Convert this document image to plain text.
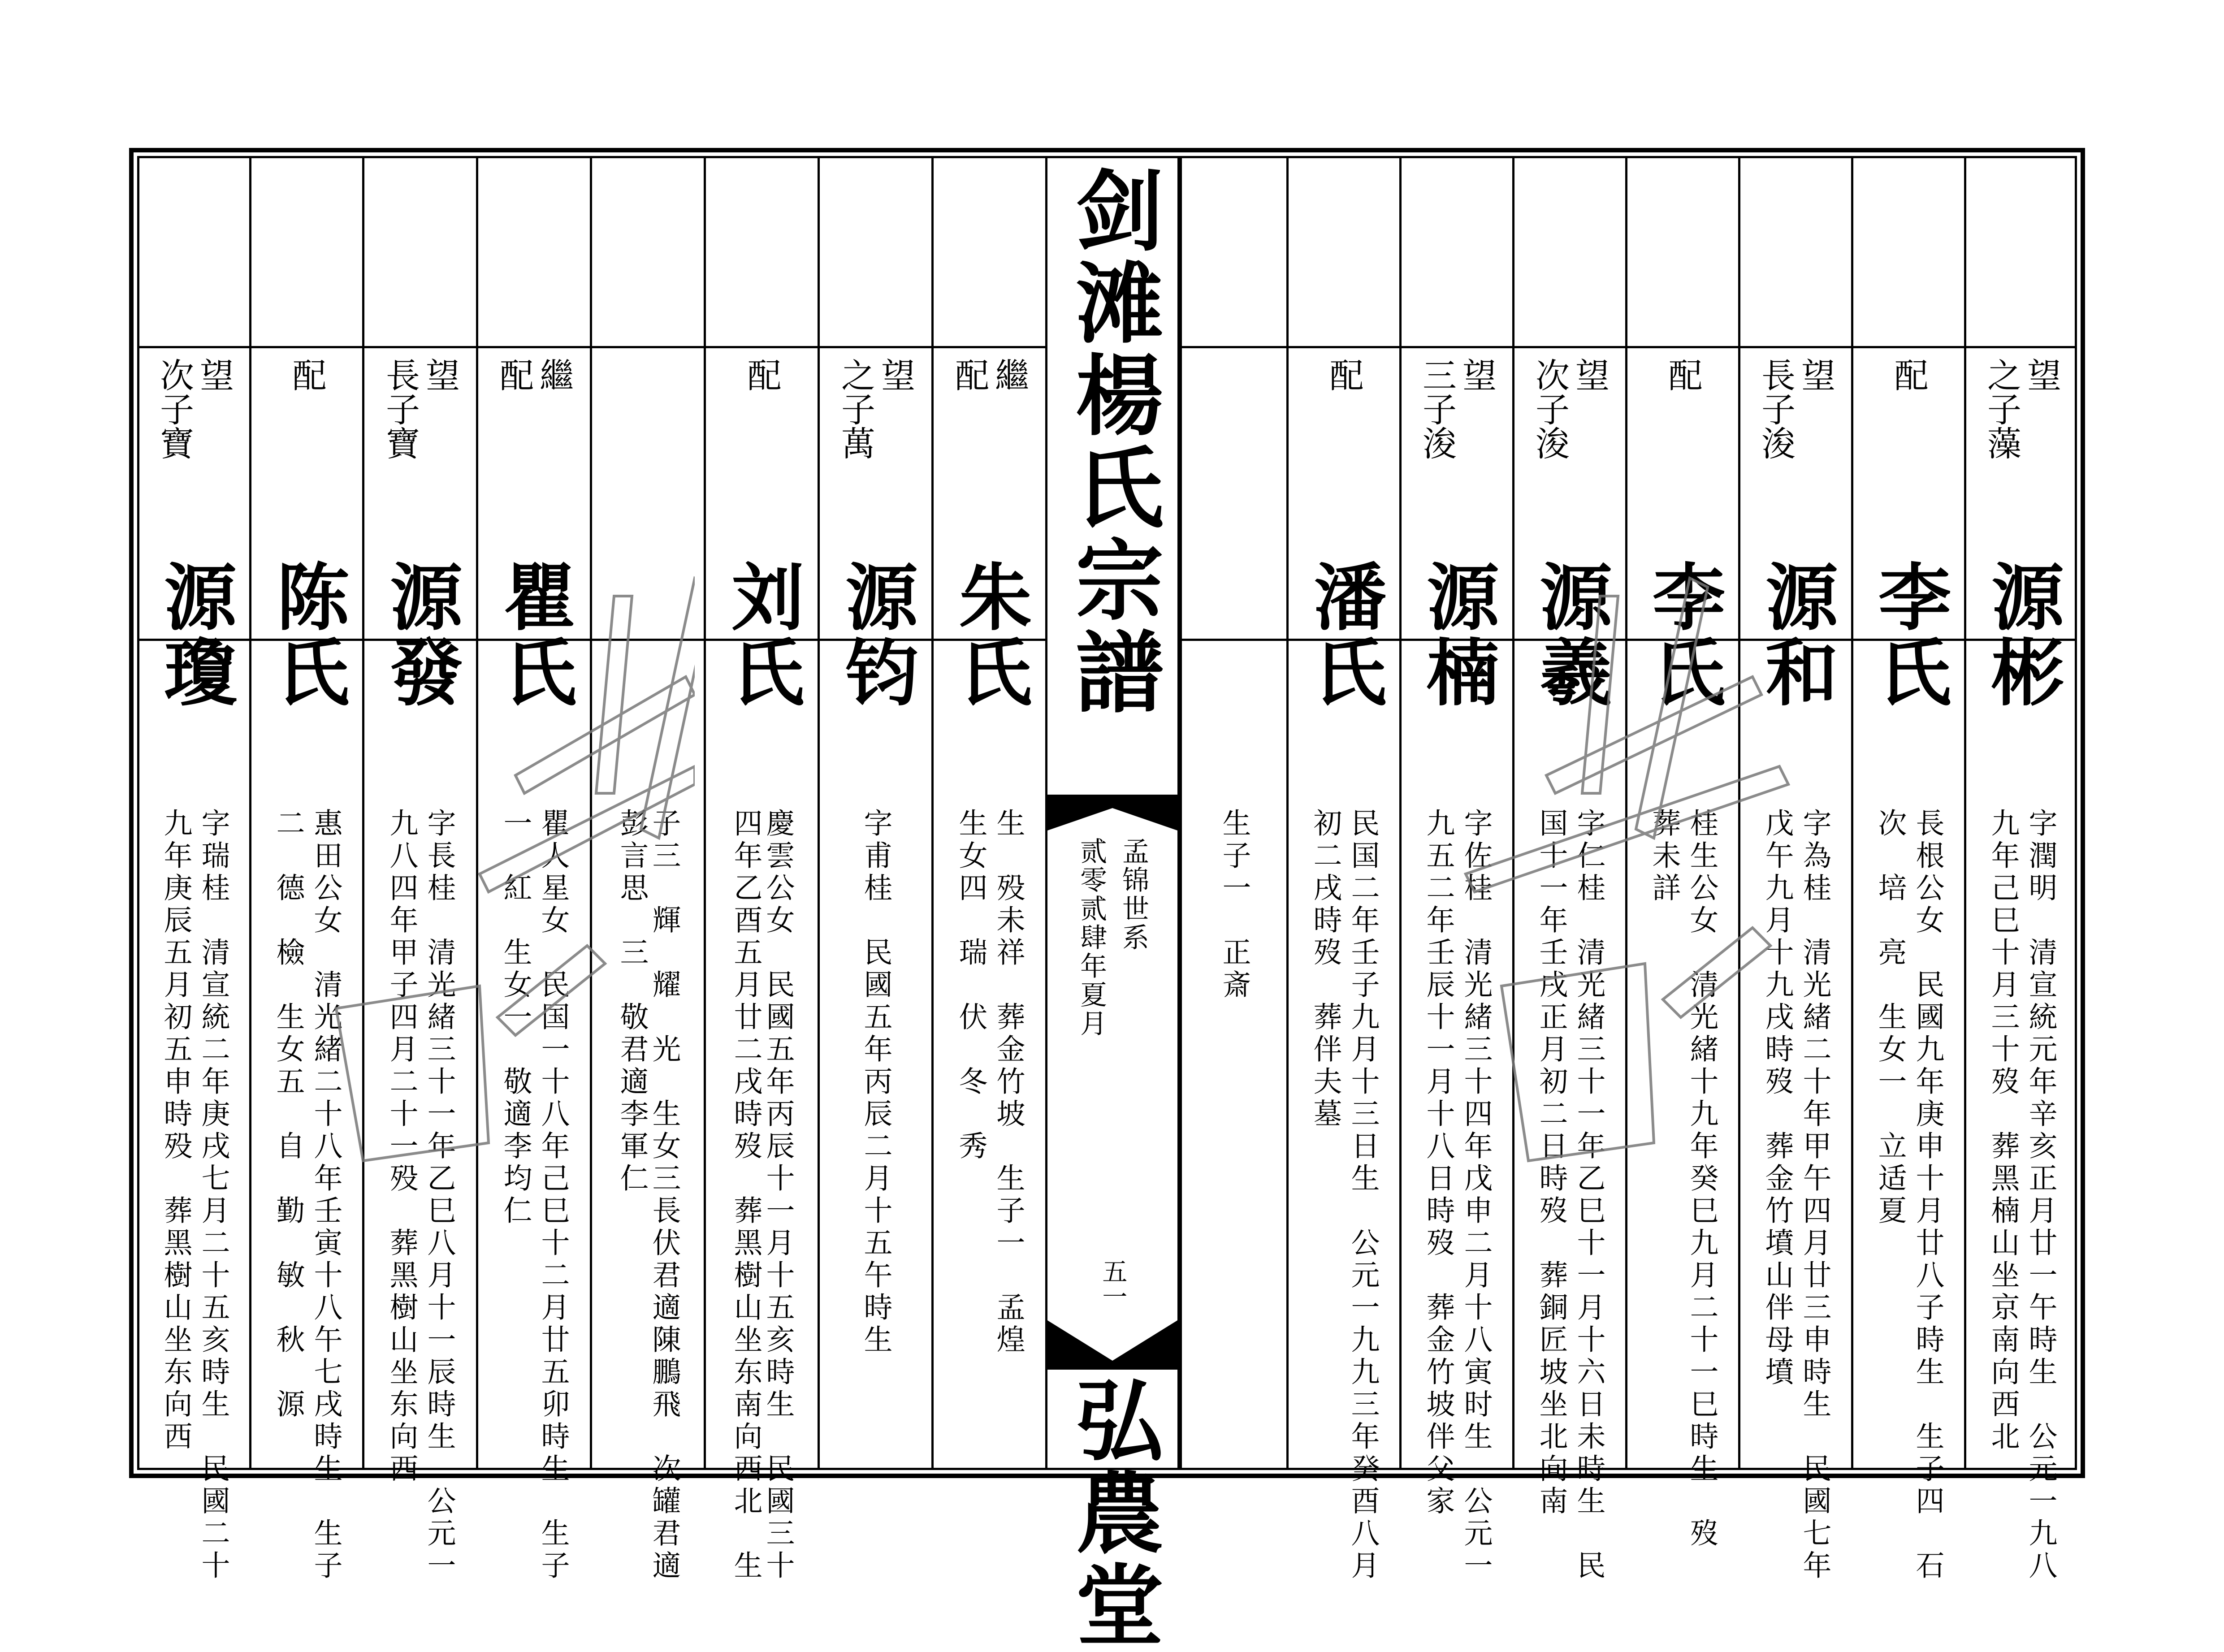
望
之子藻
源彬
字潤明　清宣統元年辛亥正月廿一午時生　公元一九八
九年己巳十月三十歿　葬黑楠山坐京南向西北
配
李氏
長根公女　民國九年庚申十月廿八子時生　生子四　石
次　培　亮　生女一　立适夏
望
長子浚
源和
字為桂　清光緒二十年甲午四月廿三申時生　民國七年
戊午九月十九戌時歿　葬金竹墳山伴母墳
配
李氏
桂生公女　清光緒十九年癸巳九月二十一巳時生　歿
葬未詳
望
次子浚
源羲
字仁桂　清光緒三十一年乙巳十一月十六日未時生　民
国十一年壬戌正月初二日時歿　葬銅匠坡坐北向南
望
三子浚
源楠
字佐桂　清光緒三十四年戊申二月十八寅时生　公元一
九五二年壬辰十一月十八日時歿　葬金竹坡伴父家
配
潘氏
民国二年壬子九月十三日生　公元一九九三年癸酉八月
初二戌時歿　葬伴夫墓
生子一　正斎
剑滩楊氏宗譜
孟锦世系
贰零贰肆年夏月
五一
弘農堂
繼
配
朱氏
生　殁未祥　葬金竹坡　生子一　孟煌
生女四　瑞　伏　冬　秀
望
之子萬
源钧
字甫桂　民國五年丙辰二月十五午時生
配
刘氏
慶雲公女　民國五年丙辰十一月十五亥時生　民國三十
四年乙酉五月廿二戌時歿　葬黑樹山坐东南向西北　生
子三　輝　耀　光　生女三長伏君適陳鵬飛　次罐君適
彭言思　三　敬君適李軍仁
繼
配
瞿氏
瞿人星女　民国一十八年己巳十二月廿五卯時生　生子
一　紅　生女一　敬適李均仁
望
長子寶
源發
字長桂　清光緒三十一年乙巳八月十一辰時生　公元一
九八四年甲子四月二十一殁　葬黑樹山坐东向西
配
陈氏
惠田公女　清光緒二十八年壬寅十八午七戌時生　生子
二　德　檢　生女五　自　勤　敏　秋　源
望
次子寶
源瓊
字瑞桂　清宣統二年庚戌七月二十五亥時生　民國二十
九年庚辰五月初五申時殁　葬黑樹山坐东向西
